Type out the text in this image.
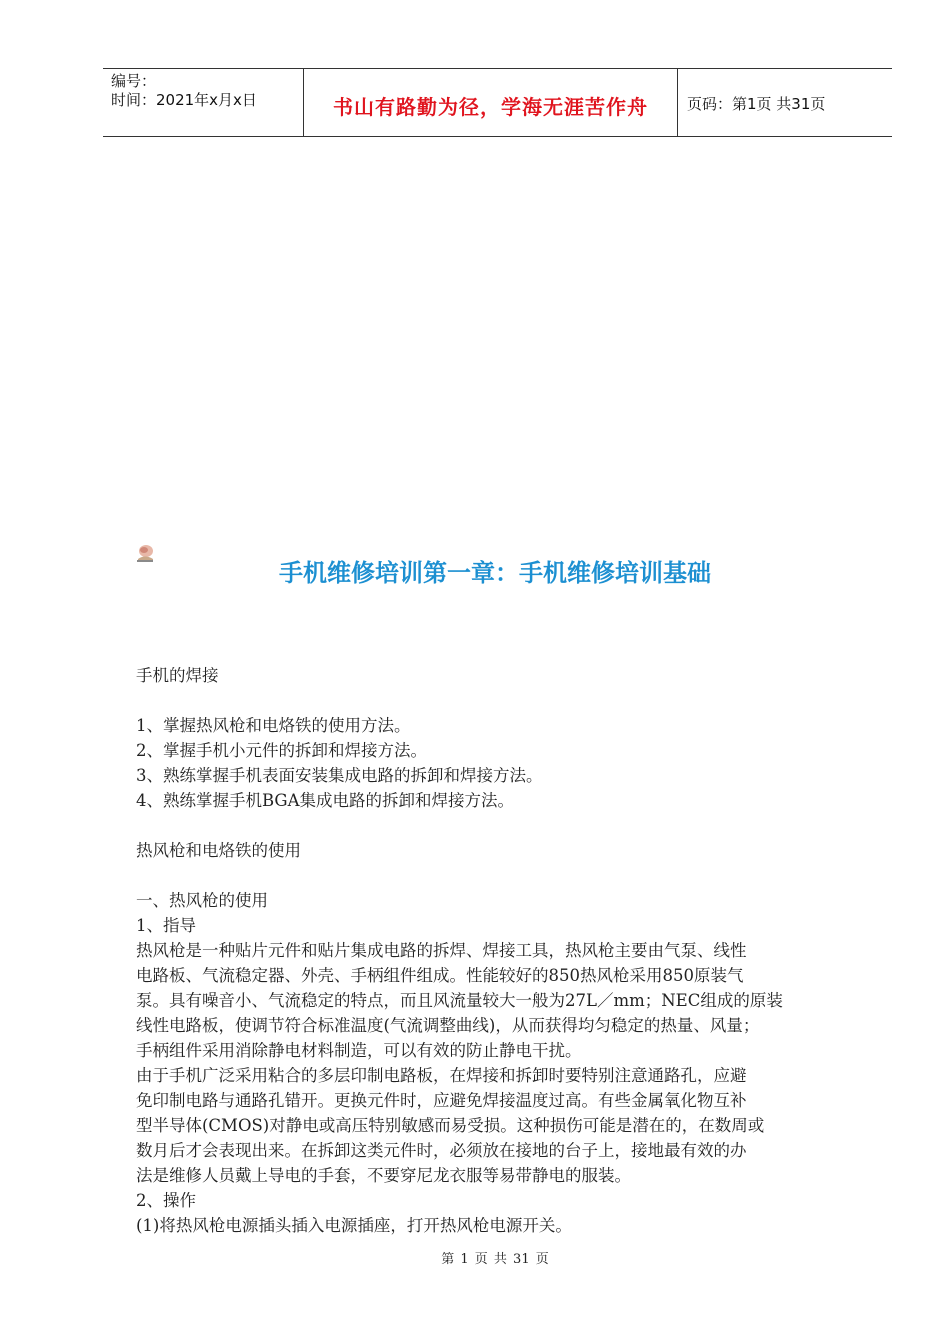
编号：
时间：2021年x月x日	书山有路勤为径，学海无涯苦作舟	页码：第1页 共31页
手机维修培训第一章：手机维修培训基础

手机的焊接

1、掌握热风枪和电烙铁的使用方法。

2、掌握手机小元件的拆卸和焊接方法。

3、熟练掌握手机表面安装集成电路的拆卸和焊接方法。

4、熟练掌握手机BGA集成电路的拆卸和焊接方法。

热风枪和电烙铁的使用

一、热风枪的使用

1、指导

热风枪是一种贴片元件和贴片集成电路的拆焊、焊接工具，热风枪主要由气泵、线性

电路板、气流稳定器、外壳、手柄组件组成。性能较好的850热风枪采用850原装气

泵。具有噪音小、气流稳定的特点，而且风流量较大一般为27L／mm；NEC组成的原装

线性电路板，使调节符合标准温度(气流调整曲线)，从而获得均匀稳定的热量、风量；

手柄组件采用消除静电材料制造，可以有效的防止静电干扰。

由于手机广泛采用粘合的多层印制电路板，在焊接和拆卸时要特别注意通路孔，应避

免印制电路与通路孔错开。更换元件时，应避免焊接温度过高。有些金属氧化物互补

型半导体(CMOS)对静电或高压特别敏感而易受损。这种损伤可能是潜在的，在数周或

数月后才会表现出来。在拆卸这类元件时，必须放在接地的台子上，接地最有效的办

法是维修人员戴上导电的手套，不要穿尼龙衣服等易带静电的服装。

2、操作

(1)将热风枪电源插头插入电源插座，打开热风枪电源开关。

第 1 页 共 31 页
